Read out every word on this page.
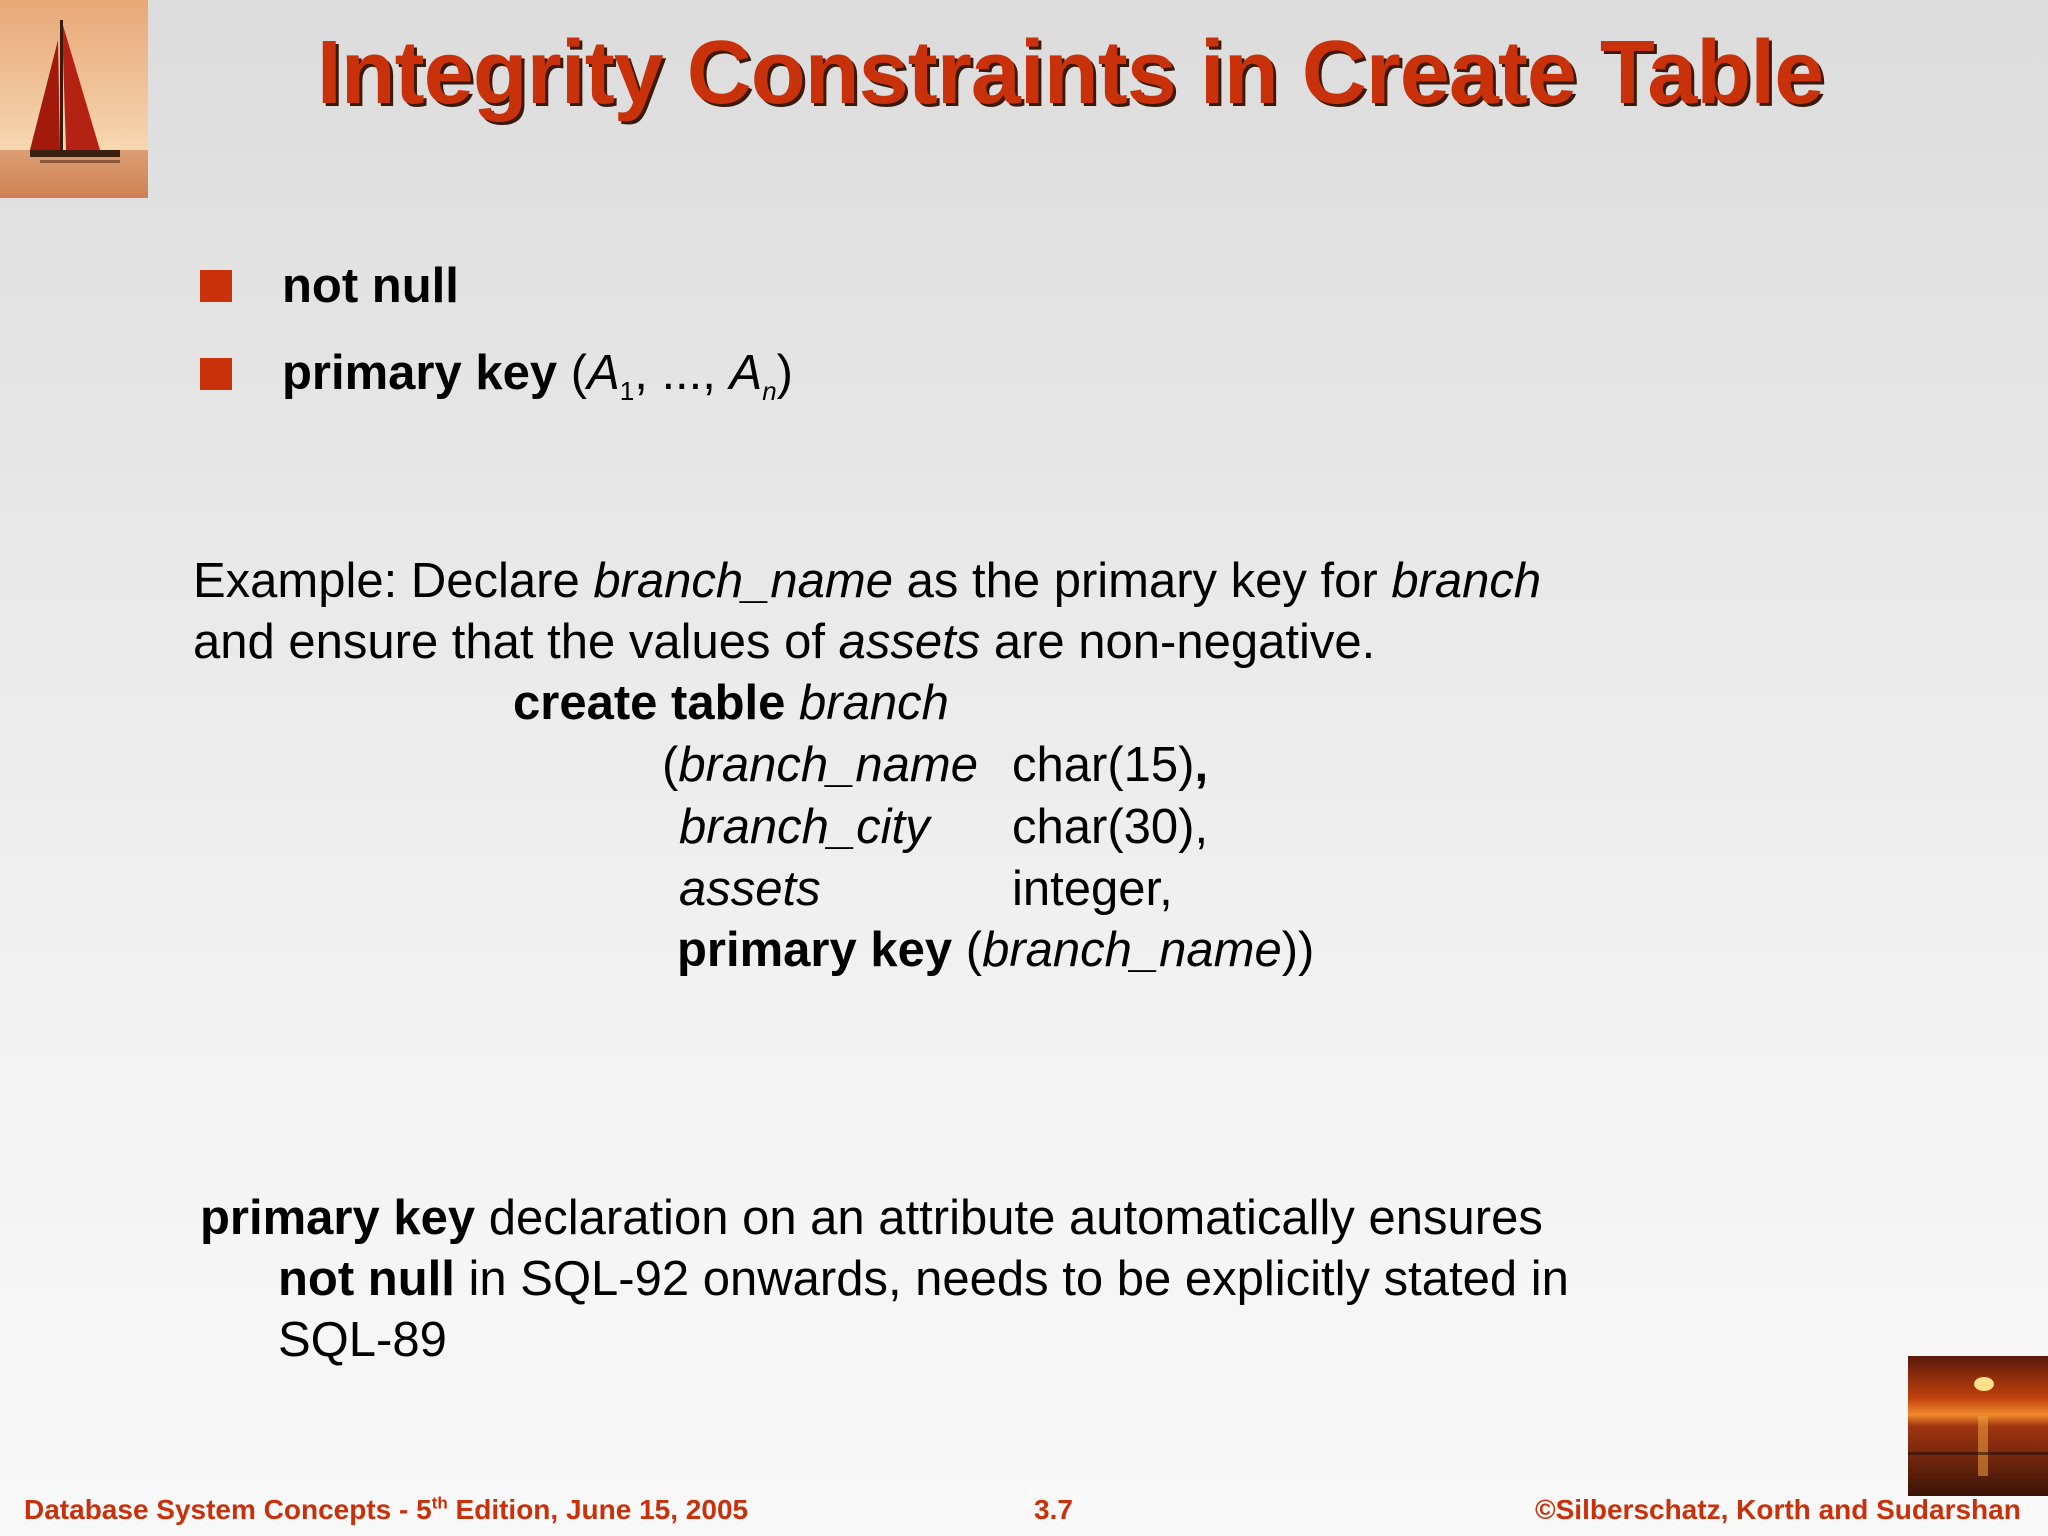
Integrity Constraints in Create Table
not null
primary key ($A_1$, ..., $A_n$)
Example: Declare branch_name as the primary key for branch
and ensure that the values of assets are non-negative.
create table branch
(branch_name char(15),
branch_city char(30),
assets	integer,
primary key (branch_name))
primary key declaration on an attribute automatically ensures
not null in SQL-92 onwards, needs to be explicitly stated in
SQL-89
Database System Concepts - 5th Edition, June 15, 2005	3.7	©Silberschatz, Korth and Sudarshan
